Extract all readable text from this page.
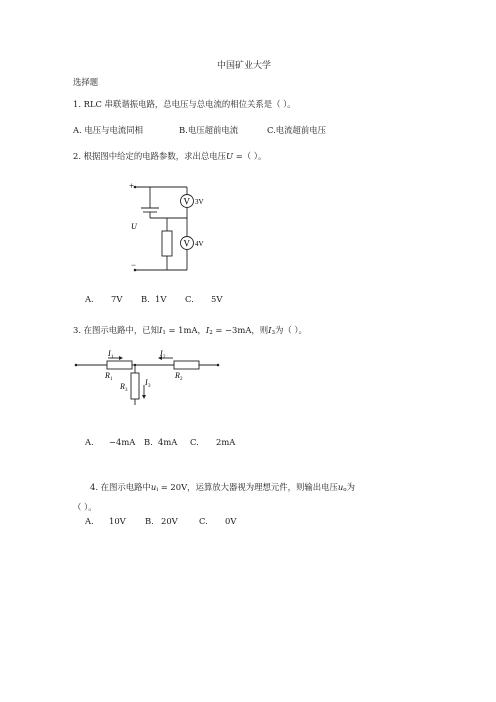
中国矿业大学
选择题
1. RLC 串联谐振电路，总电压与总电流的相位关系是（ ）。
A. 电压与电流同相	B.电压超前电流	C.电流超前电压
2. 根据图中给定的电路参数，求出总电压U =（ ）。
+
−
U
V
V
3V
4V
A. 7V B. 1V C. 5V
3. 在图示电路中，已知$I_1 = 1mA$，$I_2 = -3mA$，则$I_3$为（ ）。
I 1	I 2
I 3
R 1	R 2
R 3
A. −4mA B. 4mA C. 2mA
4. 在图示电路中$u_i = 20V$，运算放大器视为理想元件，则输出电压$u_o$为
（ ）。
A. 10V B. 20V	C. 0V
